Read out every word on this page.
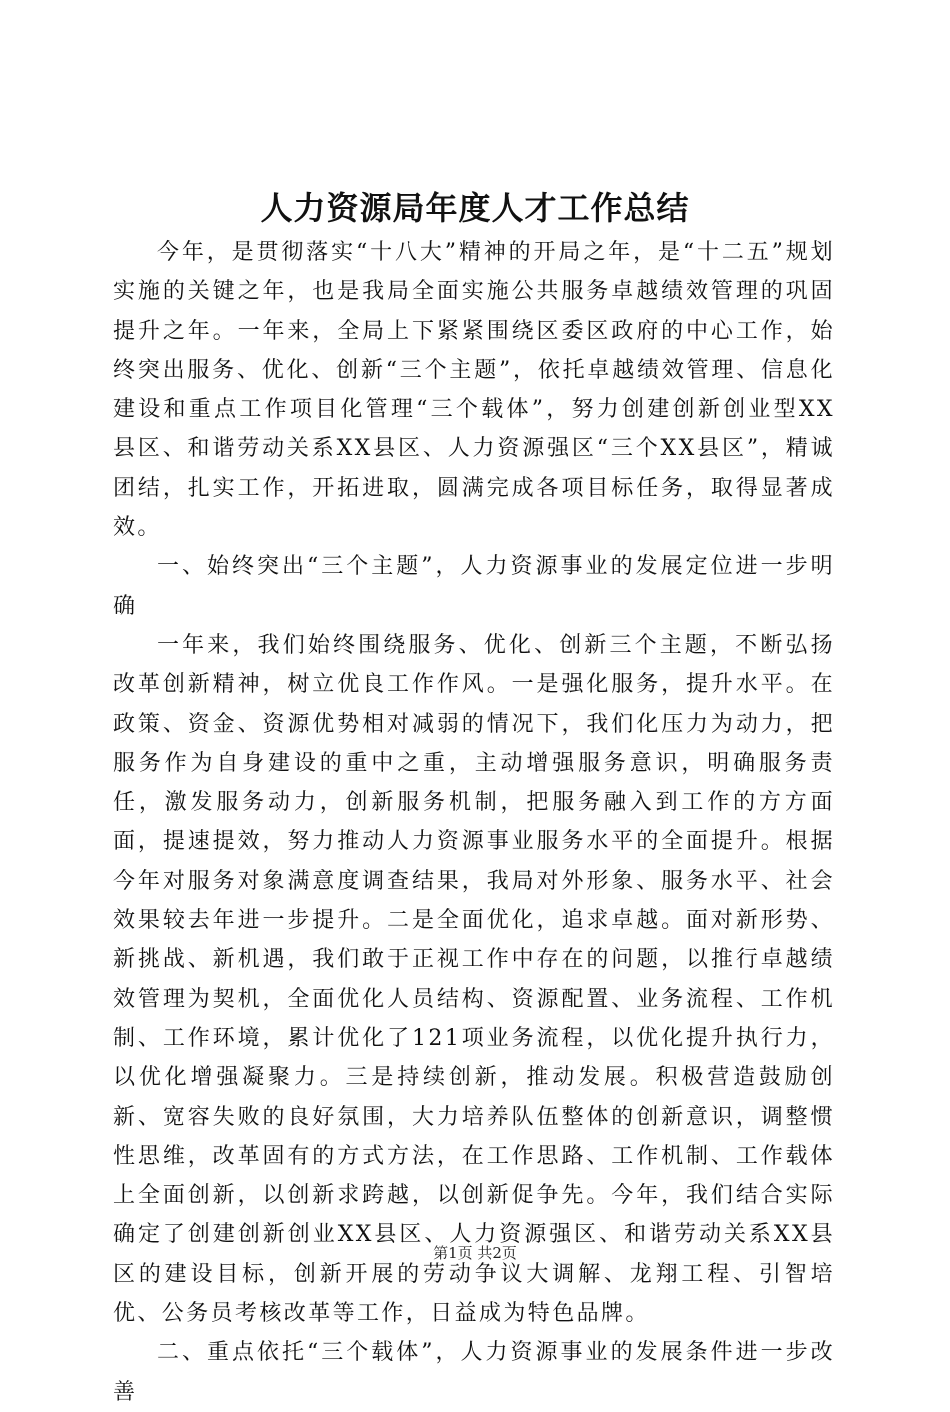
人力资源局年度人才工作总结

今年，是贯彻落实“十八大”精神的开局之年，是“十二五”规划实施的关键之年，也是我局全面实施公共服务卓越绩效管理的巩固提升之年。一年来，全局上下紧紧围绕区委区政府的中心工作，始终突出服务、优化、创新“三个主题”，依托卓越绩效管理、信息化建设和重点工作项目化管理“三个载体”，努力创建创新创业型XX县区、和谐劳动关系XX县区、人力资源强区“三个XX县区”，精诚团结，扎实工作，开拓进取，圆满完成各项目标任务，取得显著成效。

一、始终突出“三个主题”，人力资源事业的发展定位进一步明确

一年来，我们始终围绕服务、优化、创新三个主题，不断弘扬改革创新精神，树立优良工作作风。一是强化服务，提升水平。在政策、资金、资源优势相对减弱的情况下，我们化压力为动力，把服务作为自身建设的重中之重，主动增强服务意识，明确服务责任，激发服务动力，创新服务机制，把服务融入到工作的方方面面，提速提效，努力推动人力资源事业服务水平的全面提升。根据今年对服务对象满意度调查结果，我局对外形象、服务水平、社会效果较去年进一步提升。二是全面优化，追求卓越。面对新形势、新挑战、新机遇，我们敢于正视工作中存在的问题，以推行卓越绩效管理为契机，全面优化人员结构、资源配置、业务流程、工作机制、工作环境，累计优化了121项业务流程，以优化提升执行力，以优化增强凝聚力。三是持续创新，推动发展。积极营造鼓励创新、宽容失败的良好氛围，大力培养队伍整体的创新意识，调整惯性思维，改革固有的方式方法，在工作思路、工作机制、工作载体上全面创新，以创新求跨越，以创新促争先。今年，我们结合实际确定了创建创新创业XX县区、人力资源强区、和谐劳动关系XX县区的建设目标，创新开展的劳动争议大调解、龙翔工程、引智培优、公务员考核改革等工作，日益成为特色品牌。

二、重点依托“三个载体”，人力资源事业的发展条件进一步改善

第1页 共2页
